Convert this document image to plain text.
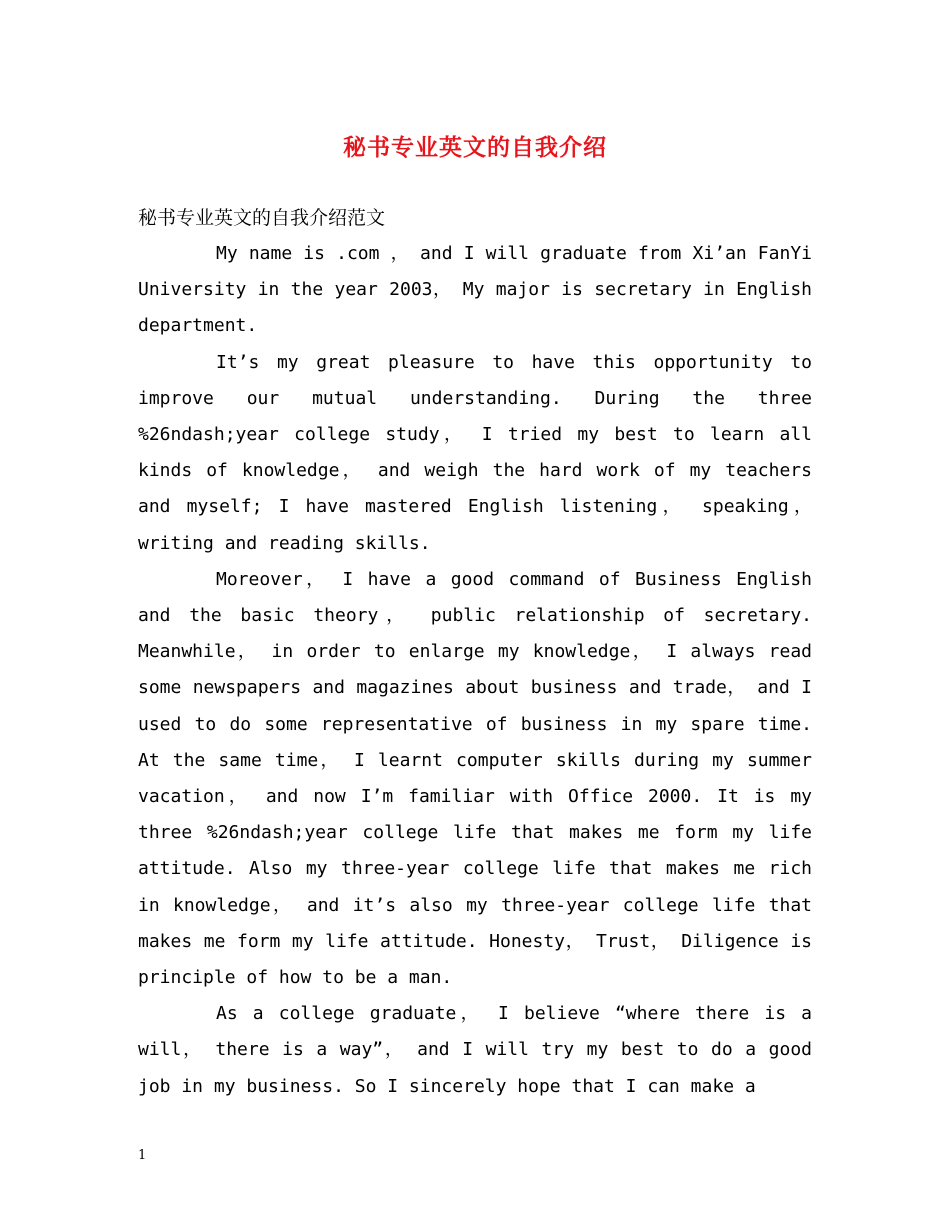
秘书专业英文的自我介绍

秘书专业英文的自我介绍范文

My name is .com ， and I will graduate from Xi’an FanYi University in the year 2003， My major is secretary in English department.

It’s my great pleasure to have this opportunity to improve our mutual understanding. During the three %26ndash;year college study， I tried my best to learn all kinds of knowledge， and weigh the hard work of my teachers and myself; I have mastered English listening， speaking， writing and reading skills.

Moreover， I have a good command of Business English and the basic theory， public relationship of secretary. Meanwhile， in order to enlarge my knowledge， I always read some newspapers and magazines about business and trade， and I used to do some representative of business in my spare time. At the same time， I learnt computer skills during my summer vacation， and now I’m familiar with Office 2000. It is my three %26ndash;year college life that makes me form my life attitude. Also my three-year college life that makes me rich in knowledge， and it’s also my three-year college life that makes me form my life attitude. Honesty， Trust， Diligence is principle of how to be a man.

As a college graduate， I believe “where there is a will， there is a way”， and I will try my best to do a good job in my business. So I sincerely hope that I can make a

1
